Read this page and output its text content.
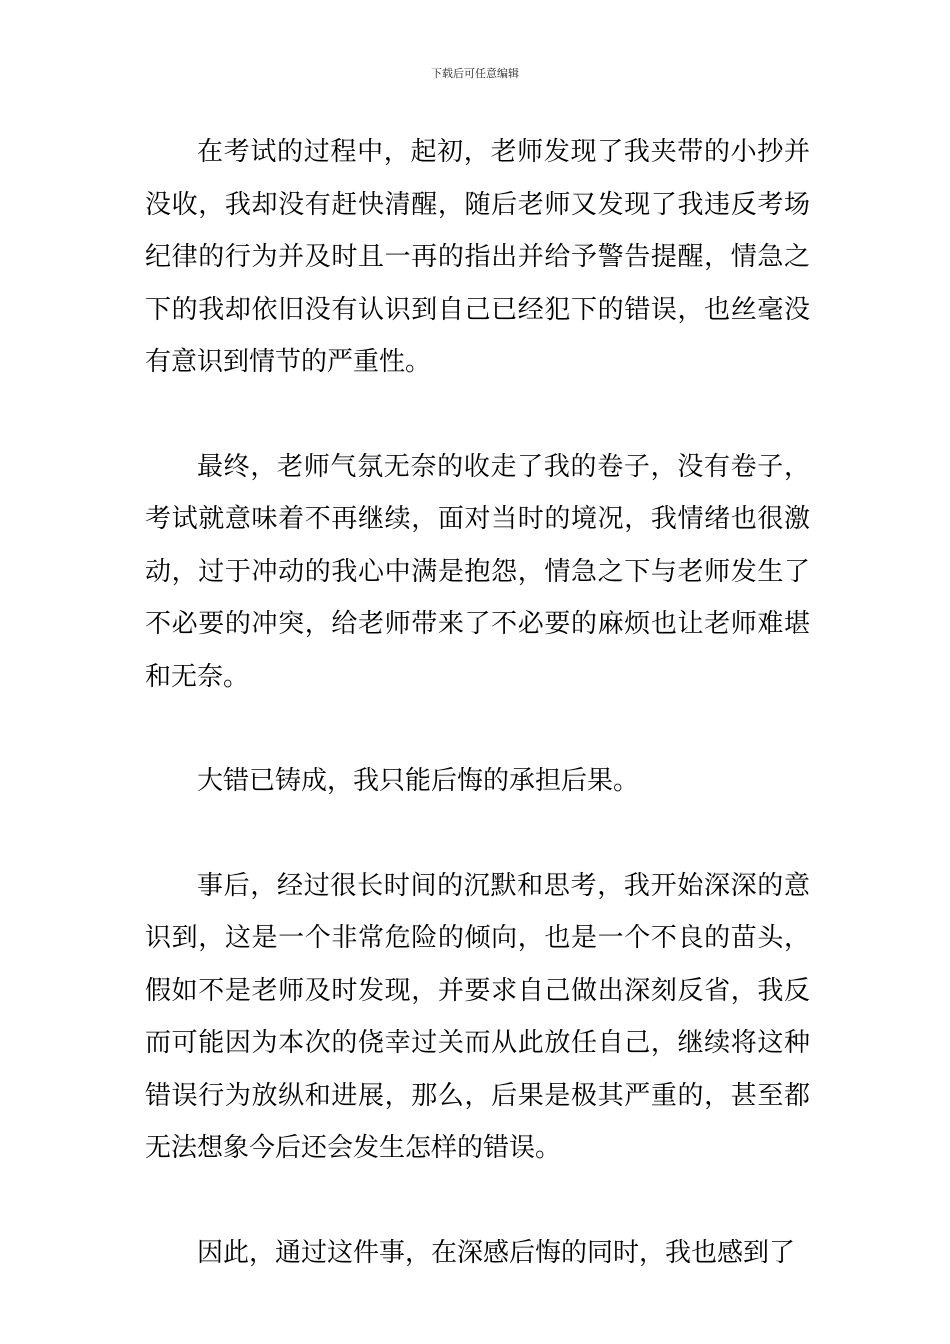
下载后可任意编辑

在考试的过程中，起初，老师发现了我夹带的小抄并没收，我却没有赶快清醒，随后老师又发现了我违反考场纪律的行为并及时且一再的指出并给予警告提醒，情急之下的我却依旧没有认识到自己已经犯下的错误，也丝毫没有意识到情节的严重性。

最终，老师气氛无奈的收走了我的卷子，没有卷子，考试就意味着不再继续，面对当时的境况，我情绪也很激动，过于冲动的我心中满是抱怨，情急之下与老师发生了不必要的冲突，给老师带来了不必要的麻烦也让老师难堪和无奈。

大错已铸成，我只能后悔的承担后果。

事后，经过很长时间的沉默和思考，我开始深深的意识到，这是一个非常危险的倾向，也是一个不良的苗头，假如不是老师及时发现，并要求自己做出深刻反省，我反而可能因为本次的侥幸过关而从此放任自己，继续将这种错误行为放纵和进展，那么，后果是极其严重的，甚至都无法想象今后还会发生怎样的错误。

因此，通过这件事，在深感后悔的同时，我也感到了
